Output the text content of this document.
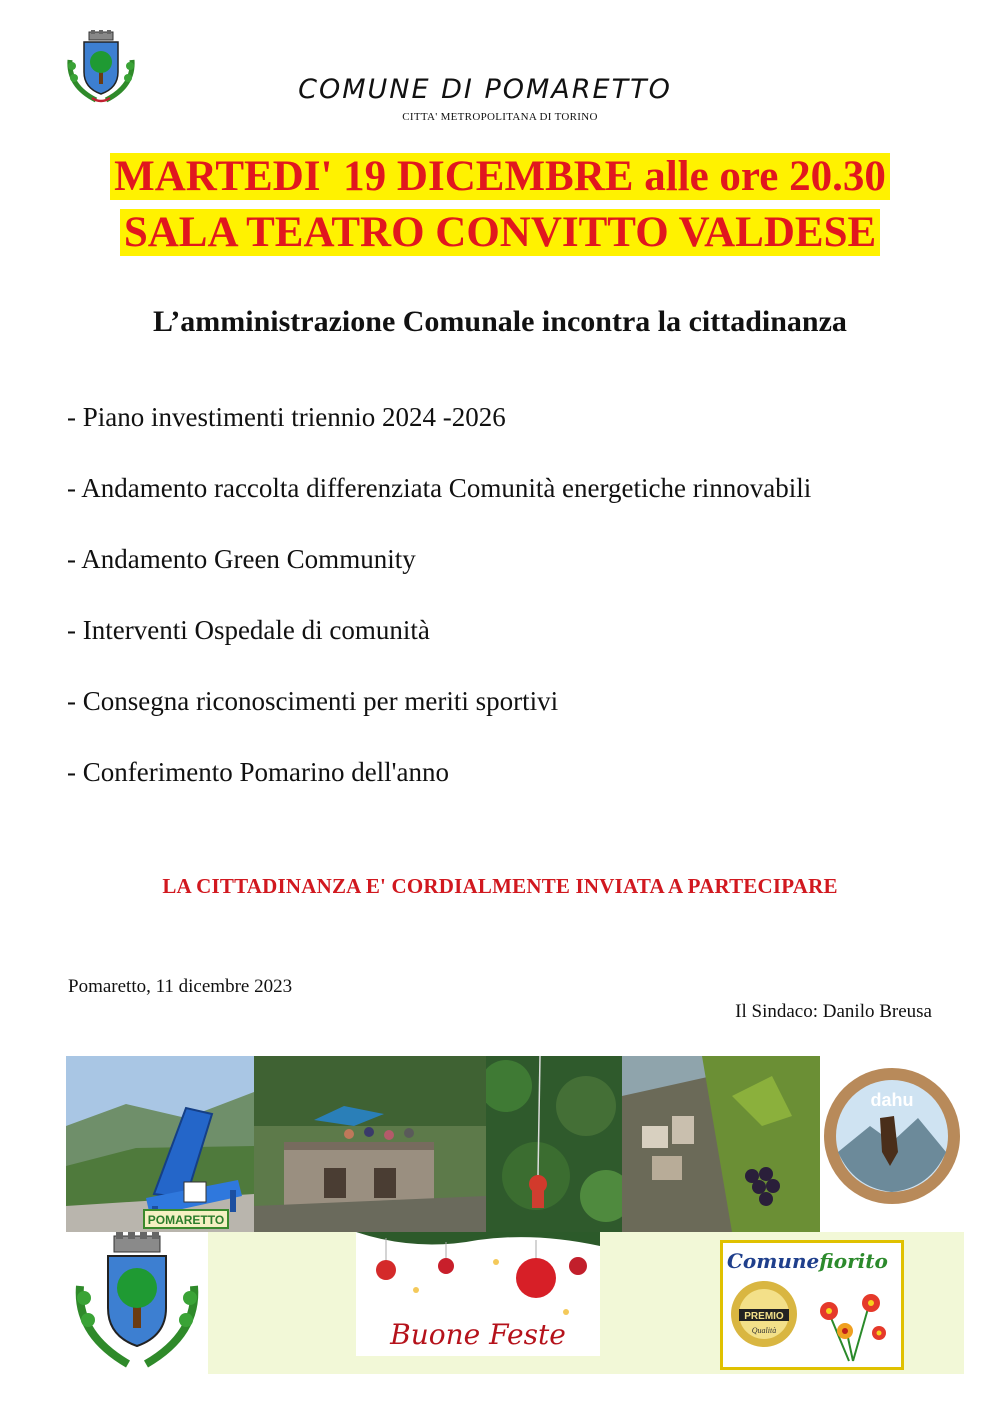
COMUNE DI POMARETTO
CITTA' METROPOLITANA DI TORINO
MARTEDI' 19 DICEMBRE alle ore 20.30
SALA TEATRO CONVITTO VALDESE
L’amministrazione Comunale incontra la cittadinanza
- Piano investimenti triennio 2024 -2026
- Andamento raccolta differenziata Comunità energetiche rinnovabili
- Andamento Green Community
- Interventi Ospedale di comunità
- Consegna riconoscimenti per meriti sportivi
- Conferimento Pomarino dell'anno
LA CITTADINANZA E' CORDIALMENTE INVIATA A PARTECIPARE
Pomaretto, 11 dicembre 2023
Il Sindaco: Danilo Breusa
POMARETTO
dahu
Buone Feste
Comunefiorito
PREMIO
Qualità
